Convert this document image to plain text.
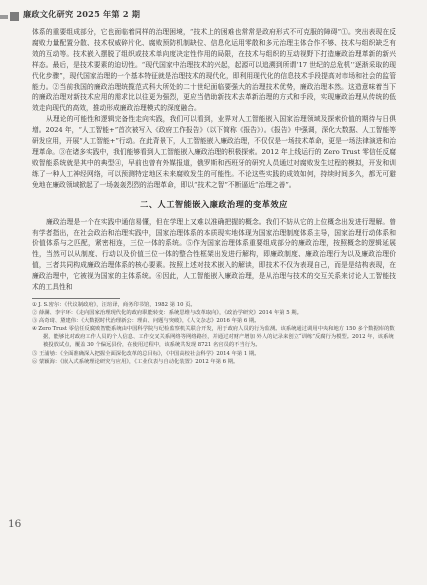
廉政文化研究 2025 年第 2 期

体系的重要组成部分，它也面临着同样的治理困境，“技术上的困难也常常是政府形式不可克服的障碍”①。突出表现在反腐败力量配置分散、技术权威碎片化、腐败预防机制缺位、信息化运用零散和多元治理主体合作不够、技术与组织缺乏有效的互动等。技术嵌入摆脱了组织或技术单向度决定性作用的局限，在技术与组织的互动视野下打造廉政治理革新的新兴样态。最后，是技术要素的迫切性。“现代国家中治理技术的兴起，起源可以追溯到所谓‘17 世纪的总危机’’逐渐采取的现代化步骤”，现代国家治理的一个基本特征就是治理技术的现代化，即利用现代化的信息技术手段提高对市场和社会的监管能力。②当前我国的廉政治理统揽范式科大所处的二十世纪面临要强大的治理技术优势，廉政治理本然。这造意味着当下的廉政治理对新技术应用的需求比以往更为强烈，更应当借助新技术去革新治理的方式和手段，实现廉政治理从传统的低效走向现代的高效，推动形成廉政治理模式的深度融合。

从理论的可能性和逻辑完备性走向实践，我们可以看到，业界对人工智能嵌入国家治理领域及探索价值的期待与日俱增。2024 年，“人工智能+”首次被写入《政府工作报告》（以下简称《报告》）。《报告》中强调，深化大数据、人工智能等研发应用，开展“人工智能+”行动。在此背景下，人工智能嵌入廉政治理，不仅仅是一场技术革命，更是一场法律演进和治理革命。③在诸多实践中，我们能够看到人工智能嵌入廉政治理的积极探索。2012 年上线运行的 Zero Trust 零信任反腐败智能系统就是其中的典型④，早前也曾有外媒报道，俄罗斯和西班牙的研究人员通过对腐败发生过程的模拟，开发和训练了一种人工神经网络，可以预测特定地区未来腐败发生的可能性。不论这些实践的成效如何，持续时间多久，都无可避免地在廉政领域掀起了一场轰轰烈烈的治理革命，即以“技术之智”不断逼近“治理之善”。

二、人工智能嵌入廉政治理的变革效应

廉政治理是一个在实践中通信易懂，但在学理上又难以准确把握的概念。我们不妨从它的上位概念出发进行理解。曾有学者指出，在社会政治和治理实践中，国家治理体系的本质现实地体现为国家治理制度体系主导，国家治理行动体系和价值体系与之匹配，紧密相连，三位一体的系统。⑤作为国家治理体系重要组成部分的廉政治理，按照概念的逻辑延展性，当然可以从制度、行动以及价值三位一体的整合性框架出发进行解构，即廉政制度、廉政治理行为以及廉政治理价值，三者共同构成廉政治理体系的核心要素。按照上述对技术嵌入的解读，即技术不仅为表现自己，而是是结构表现，在廉政治理中，它被视为国家的主体系统。⑥因此，人工智能嵌入廉政治理，是从治理与技术的交互关系来讨论人工智能技术的工具性和

① J. S.密尔：《代议制政府》，汪瑄译，商务印书馆，1982 第 10 页。

② 薛澜、李宇环：《走向国家治理现代化的政府职能转变：系统思维与改革取向》，《政治学研究》2014 年第 5 期。

③ 高奇琦、黛建伟：《大数据时代治理新公：理由、问题与突破》，《人文杂志》2016 年第 6 期。

④ Zero Trust 零信任反腐败智能系统由中国科学院与纪检监察机关联合开发，用于政府人员的行为监测。该系统通过调用中央和地方 150 多个数据库的数据，能够比对政府工作人员的个人信息、工作交叉关系网络等网络路径，并通过对财产增加 外人的记录来创立“训练”反腐行为模型。2012 年，该系统被投放试点，覆盖 30 个偏远县份，在使用过程中，该系统共发现 8721 名官员的不当行为。

⑤ 王浦劬：《全面准确深入把握全面深化改革的总目标》，《中国高校社会科学》2014 年第 1 期。

⑥ 蒙颖海：《嵌入式系统理论研究与应用》，《工业仪表与自动化装置》2012 年第 6 期。

16
